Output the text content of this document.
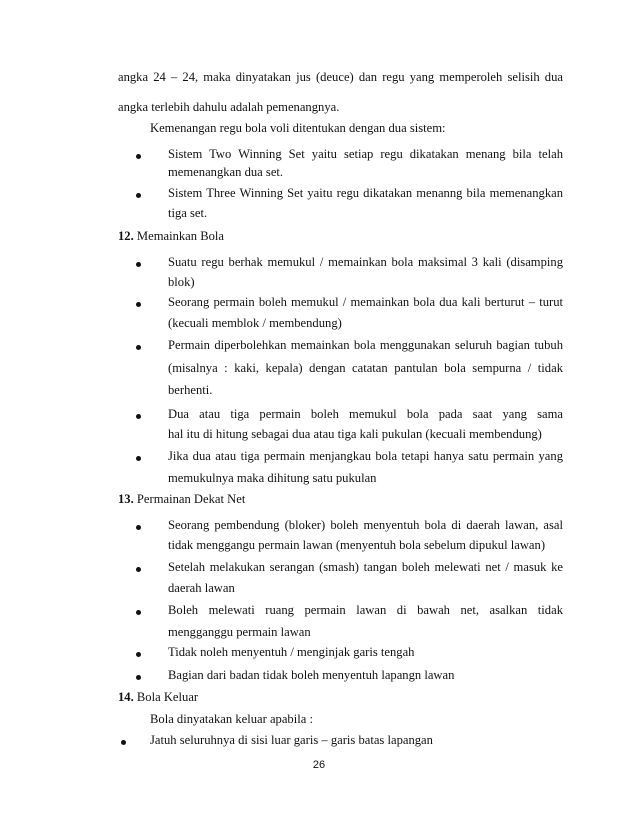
angka 24 – 24, maka dinyatakan jus (deuce) dan regu yang memperoleh selisih dua
angka terlebih dahulu adalah pemenangnya.
Kemenangan regu bola voli ditentukan dengan dua sistem:
Sistem Two Winning Set yaitu setiap regu dikatakan menang bila telah
memenangkan dua set.
Sistem Three Winning Set yaitu regu dikatakan menanng bila memenangkan
tiga set.
12. Memainkan Bola
Suatu regu berhak memukul / memainkan bola maksimal 3 kali (disamping
blok)
Seorang permain boleh memukul / memainkan bola dua kali berturut – turut
(kecuali memblok / membendung)
Permain diperbolehkan memainkan bola menggunakan seluruh bagian tubuh
(misalnya : kaki, kepala) dengan catatan pantulan bola sempurna / tidak
berhenti.
Dua atau tiga permain boleh memukul bola pada saat yang sama
hal itu di hitung sebagai dua atau tiga kali pukulan (kecuali membendung)
Jika dua atau tiga permain menjangkau bola tetapi hanya satu permain yang
memukulnya maka dihitung satu pukulan
13. Permainan Dekat Net
Seorang pembendung (bloker) boleh menyentuh bola di daerah lawan, asal
tidak menggangu permain lawan (menyentuh bola sebelum dipukul lawan)
Setelah melakukan serangan (smash) tangan boleh melewati net / masuk ke
daerah lawan
Boleh melewati ruang permain lawan di bawah net, asalkan tidak
mengganggu permain lawan
Tidak noleh menyentuh / menginjak garis tengah
Bagian dari badan tidak boleh menyentuh lapangn lawan
14. Bola Keluar
Bola dinyatakan keluar apabila :
Jatuh seluruhnya di sisi luar garis – garis batas lapangan
26
